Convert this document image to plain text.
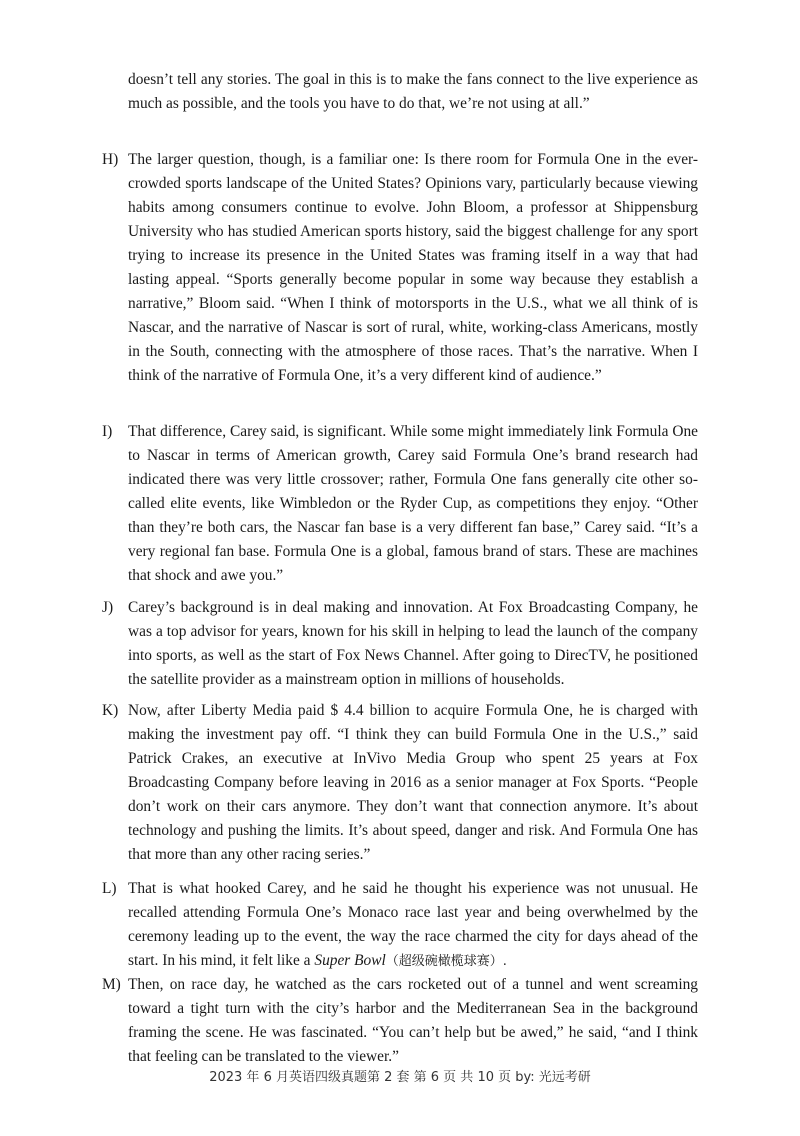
doesn’t tell any stories. The goal in this is to make the fans connect to the live experience as much as possible, and the tools you have to do that, we’re not using at all.”
H) The larger question, though, is a familiar one: Is there room for Formula One in the ever-crowded sports landscape of the United States? Opinions vary, particularly because viewing habits among consumers continue to evolve. John Bloom, a professor at Shippensburg University who has studied American sports history, said the biggest challenge for any sport trying to increase its presence in the United States was framing itself in a way that had lasting appeal. “Sports generally become popular in some way because they establish a narrative,” Bloom said. “When I think of motorsports in the U.S., what we all think of is Nascar, and the narrative of Nascar is sort of rural, white, working-class Americans, mostly in the South, connecting with the atmosphere of those races. That’s the narrative. When I think of the narrative of Formula One, it’s a very different kind of audience.”
I)	That difference, Carey said, is significant. While some might immediately link Formula One to Nascar in terms of American growth, Carey said Formula One’s brand research had indicated there was very little crossover; rather, Formula One fans generally cite other so-called elite events, like Wimbledon or the Ryder Cup, as competitions they enjoy. “Other than they’re both cars, the Nascar fan base is a very different fan base,” Carey said. “It’s a very regional fan base. Formula One is a global, famous brand of stars. These are machines that shock and awe you.”
J) Carey’s background is in deal making and innovation. At Fox Broadcasting Company, he was a top advisor for years, known for his skill in helping to lead the launch of the company into sports, as well as the start of Fox News Channel. After going to DirecTV, he positioned the satellite provider as a mainstream option in millions of households.
K) Now, after Liberty Media paid $ 4.4 billion to acquire Formula One, he is charged with making the investment pay off. “I think they can build Formula One in the U.S.,” said Patrick Crakes, an executive at InVivo Media Group who spent 25 years at Fox Broadcasting Company before leaving in 2016 as a senior manager at Fox Sports. “People don’t work on their cars anymore. They don’t want that connection anymore. It’s about technology and pushing the limits. It’s about speed, danger and risk. And Formula One has that more than any other racing series.”
L) That is what hooked Carey, and he said he thought his experience was not unusual. He recalled attending Formula One’s Monaco race last year and being overwhelmed by the ceremony leading up to the event, the way the race charmed the city for days ahead of the start. In his mind, it felt like a Super Bowl（超级碗橄榄球赛）.
M) Then, on race day, he watched as the cars rocketed out of a tunnel and went screaming toward a tight turn with the city’s harbor and the Mediterranean Sea in the background framing the scene. He was fascinated. “You can’t help but be awed,” he said, “and I think that feeling can be translated to the viewer.”
2023 年 6 月英语四级真题第 2 套 第 6 页 共 10 页 by: 光远考研
